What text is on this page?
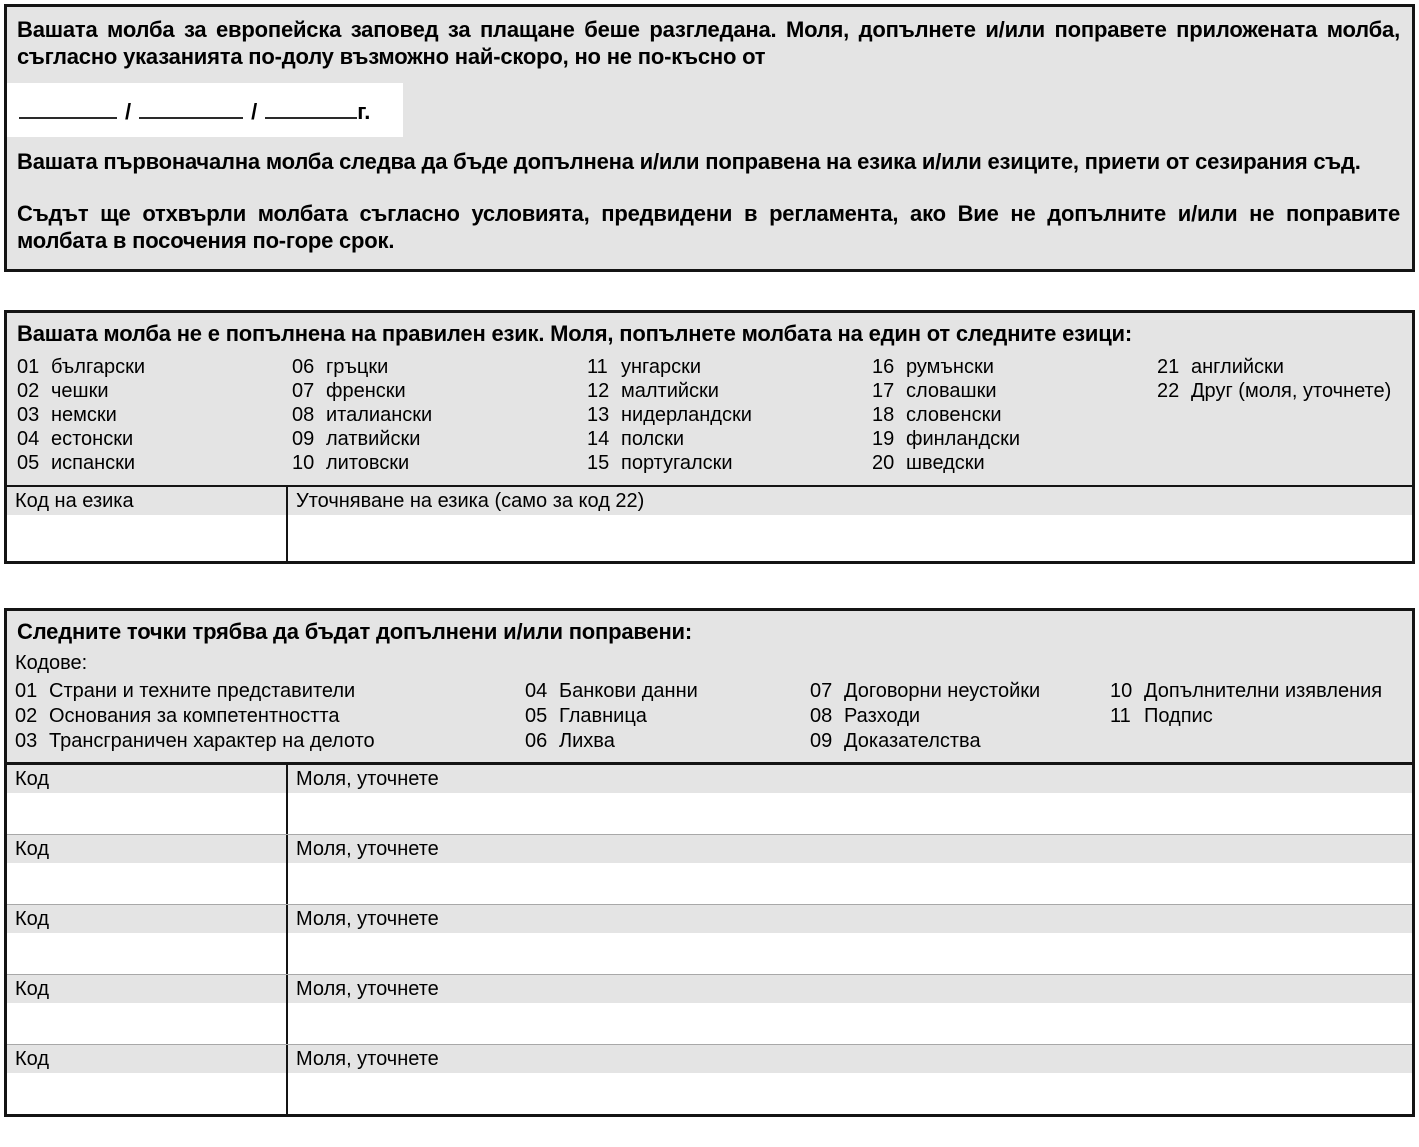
Вашата молба за европейска заповед за плащане беше разгледана. Моля, допълнете и/или поправете приложената молба, съгласно указанията по-долу възможно най-скоро, но не по-късно от

/	/	г.

Вашата първоначална молба следва да бъде допълнена и/или поправена на езика и/или езиците, приети от сезирания съд.

Съдът ще отхвърли молбата съгласно условията, предвидени в регламента, ако Вие не допълните и/или не поправите молбата в посочения по-горе срок.

Вашата молба не е попълнена на правилен език. Моля, попълнете молбата на един от следните езици:
01 български
02 чешки
03 немски
04 естонски
05 испански
06 гръцки
07 френски
08 италиански
09 латвийски
10 литовски
11 унгарски
12 малтийски
13 нидерландски
14 полски
15 португалски
16 румънски
17 словашки
18 словенски
19 финландски
20 шведски
21 английски
22 Друг (моля, уточнете)
Код на езика	Уточняване на езика (само за код 22)
Следните точки трябва да бъдат допълнени и/или поправени:
Кодове:
01 Страни и техните представители
02 Основания за компетентността
03 Трансграничен характер на делото
04 Банкови данни
05 Главница
06 Лихва
07 Договорни неустойки
08 Разходи
09 Доказателства
10 Допълнителни изявления
11 Подпис
Код	Моля, уточнете
Код	Моля, уточнете
Код	Моля, уточнете
Код	Моля, уточнете
Код	Моля, уточнете
